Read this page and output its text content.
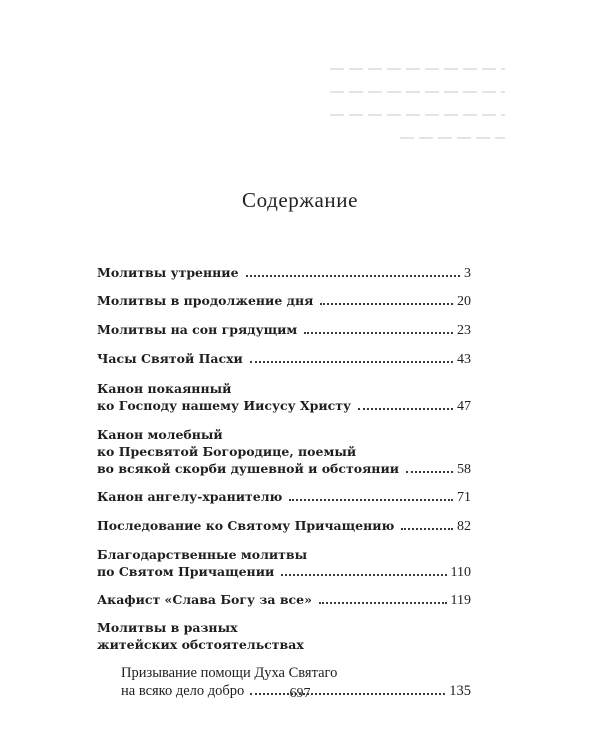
Содержание
Молитвы утренние	3
Молитвы в продолжение дня	20
Молитвы на сон грядущим	23
Часы Святой Пасхи	43
Канон покаянный
ко Господу нашему Иисусу Христу	47
Канон молебный
ко Пресвятой Богородице, поемый
во всякой скорби душевной и обстоянии	58
Канон ангелу-хранителю	71
Последование ко Святому Причащению	82
Благодарственные молитвы
по Святом Причащении	110
Акафист «Слава Богу за все»	119
Молитвы в разных
житейских обстоятельствах
Призывание помощи Духа Святаго
на всяко дело добро	135
697
